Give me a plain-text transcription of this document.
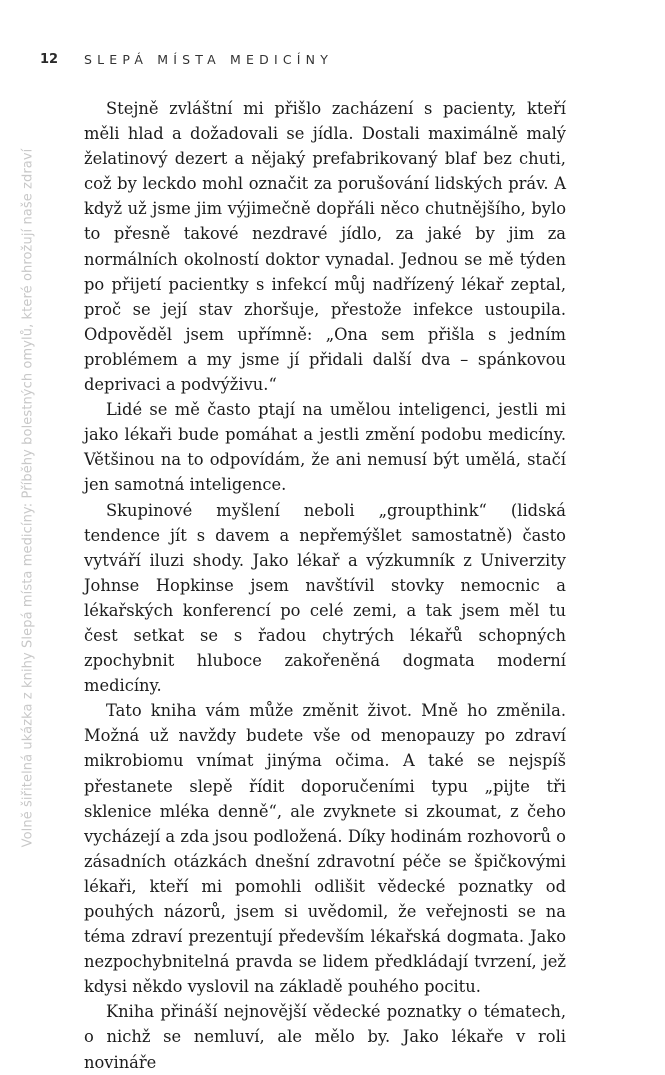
12	SLEPÁ MÍSTA MEDICÍNY
Volně šiřitelná ukázka z knihy Slepá místa medicíny: Příběhy bolestných omylů, které ohrožují naše zdraví

Stejně zvláštní mi přišlo zacházení s pacienty, kteří měli hlad a dožadovali se jídla. Dostali maximálně malý želatinový dezert a nějaký prefabrikovaný blaf bez chuti, což by leckdo mohl označit za porušování lidských práv. A když už jsme jim výjimečně dopřáli něco chutnějšího, bylo to přesně takové nezdravé jídlo, za jaké by jim za normálních okolností doktor vynadal. Jednou se mě týden po přijetí pacientky s infekcí můj nadřízený lékař zeptal, proč se její stav zhoršuje, přestože infekce ustoupila. Odpověděl jsem upřímně: „Ona sem přišla s jedním problémem a my jsme jí přidali další dva – spánkovou deprivaci a podvýživu.“

Lidé se mě často ptají na umělou inteligenci, jestli mi jako lékaři bude pomáhat a jestli změní podobu medicíny. Většinou na to odpovídám, že ani nemusí být umělá, stačí jen samotná inteligence.

Skupinové myšlení neboli „groupthink“ (lidská tendence jít s davem a nepřemýšlet samostatně) často vytváří iluzi shody. Jako lékař a výzkumník z Univerzity Johnse Hopkinse jsem navštívil stovky nemocnic a lékařských konferencí po celé zemi, a tak jsem měl tu čest setkat se s řadou chytrých lékařů schopných zpochybnit hluboce zakořeněná dogmata moderní medicíny.

Tato kniha vám může změnit život. Mně ho změnila. Možná už navždy budete vše od menopauzy po zdraví mikrobiomu vnímat jinýma očima. A také se nejspíš přestanete slepě řídit doporučeními typu „pijte tři sklenice mléka denně“, ale zvyknete si zkoumat, z čeho vycházejí a zda jsou podložená. Díky hodinám rozhovorů o zásadních otázkách dnešní zdravotní péče se špičkovými lékaři, kteří mi pomohli odlišit vědecké poznatky od pouhých názorů, jsem si uvědomil, že veřejnosti se na téma zdraví prezentují především lékařská dogmata. Jako nezpochybnitelná pravda se lidem předkládají tvrzení, jež kdysi někdo vyslovil na základě pouhého pocitu.

Kniha přináší nejnovější vědecké poznatky o tématech, o nichž se nemluví, ale mělo by. Jako lékaře v roli novináře
